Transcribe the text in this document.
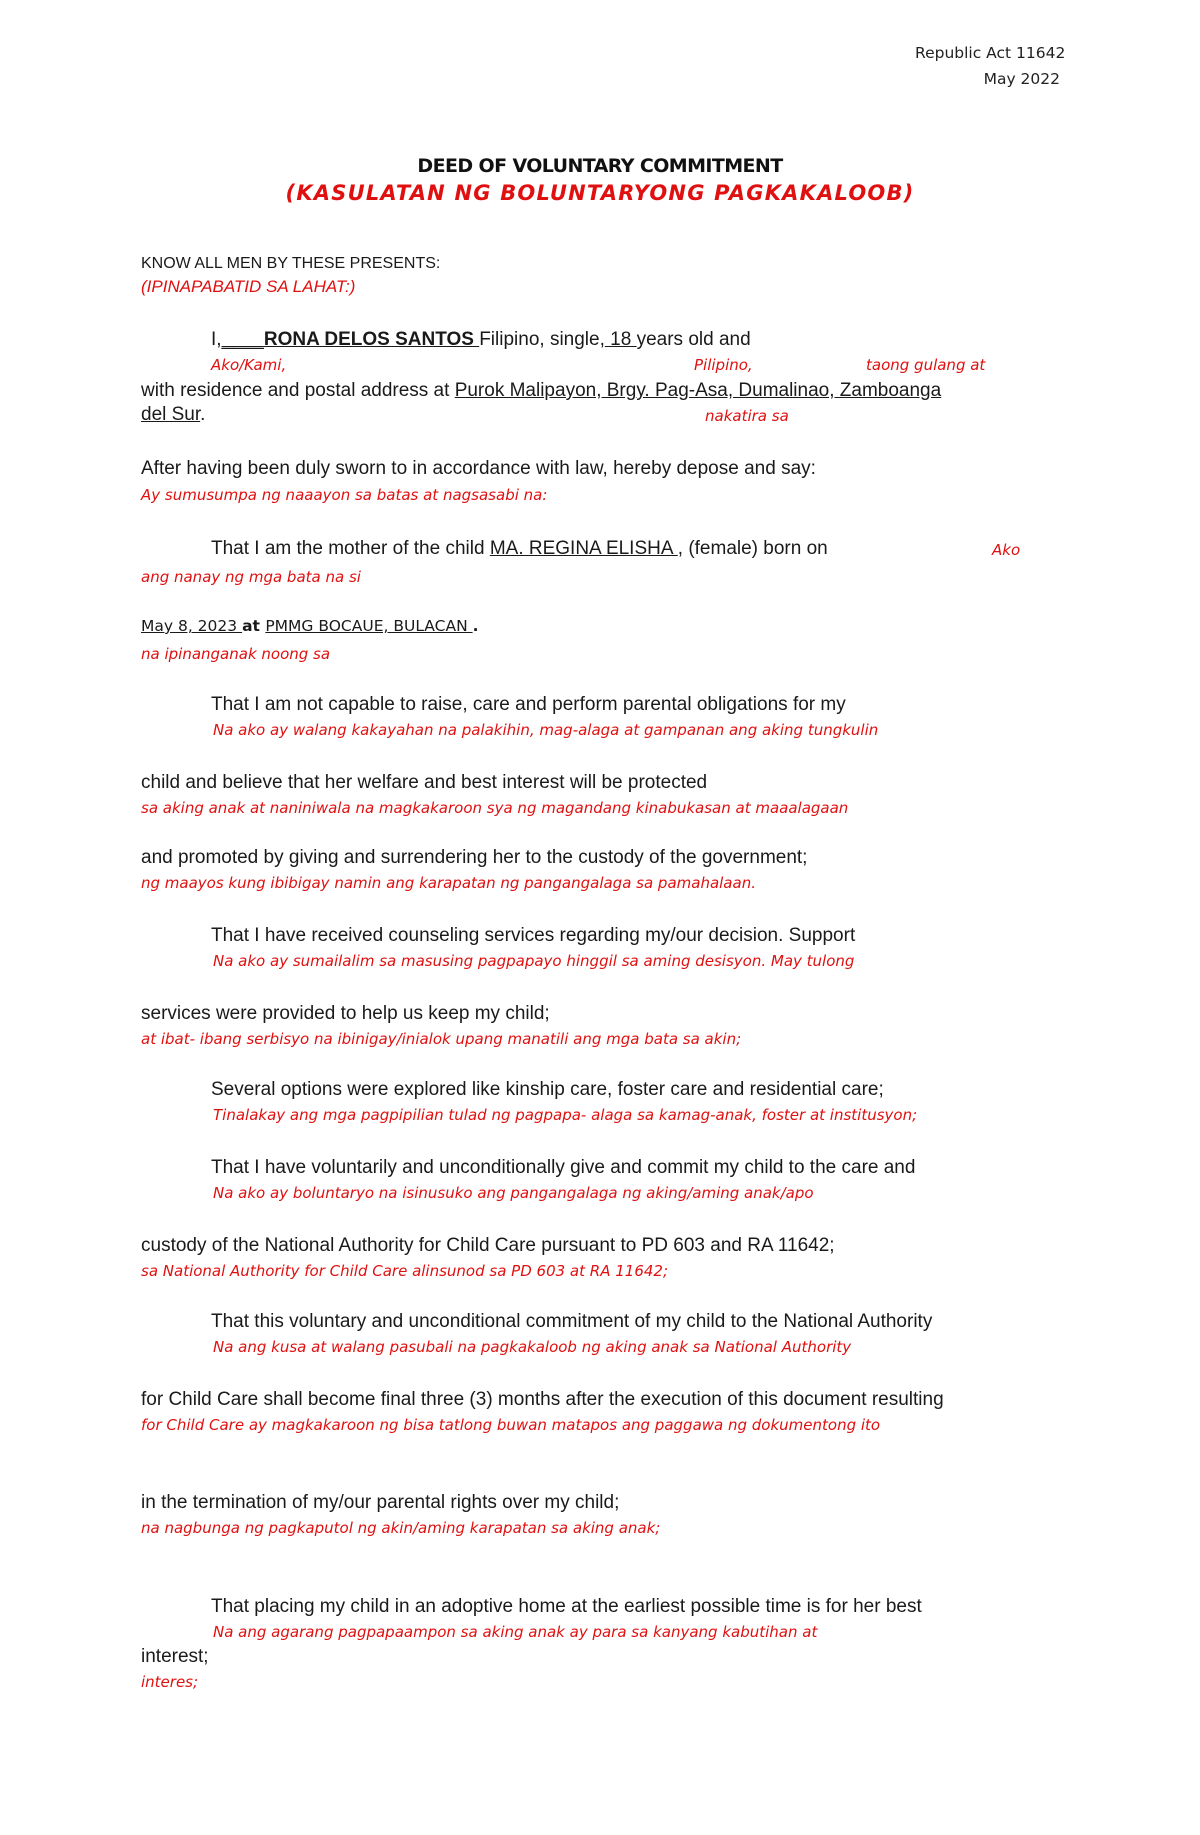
Republic Act 11642
May 2022
DEED OF VOLUNTARY COMMITMENT
(KASULATAN NG BOLUNTARYONG PAGKAKALOOB)
KNOW ALL MEN BY THESE PRESENTS:
(IPINAPABATID SA LAHAT:)
I,____RONA DELOS SANTOS Filipino, single, 18 years old and
Ako/Kami,	Pilipino,	taong gulang at
with residence and postal address at Purok Malipayon, Brgy. Pag-Asa, Dumalinao, Zamboanga
del Sur.	nakatira sa
After having been duly sworn to in accordance with law, hereby depose and say:
Ay sumusumpa ng naaayon sa batas at nagsasabi na:
That I am the mother of the child MA. REGINA ELISHA , (female) born on	Ako
ang nanay ng mga bata na si
May 8, 2023 at PMMG BOCAUE, BULACAN .
na ipinanganak noong sa
That I am not capable to raise, care and perform parental obligations for my
Na ako ay walang kakayahan na palakihin, mag-alaga at gampanan ang aking tungkulin
child and believe that her welfare and best interest will be protected
sa aking anak at naniniwala na magkakaroon sya ng magandang kinabukasan at maaalagaan
and promoted by giving and surrendering her to the custody of the government;
ng maayos kung ibibigay namin ang karapatan ng pangangalaga sa pamahalaan.
That I have received counseling services regarding my/our decision. Support
Na ako ay sumailalim sa masusing pagpapayo hinggil sa aming desisyon. May tulong
services were provided to help us keep my child;
at ibat- ibang serbisyo na ibinigay/inialok upang manatili ang mga bata sa akin;
Several options were explored like kinship care, foster care and residential care;
Tinalakay ang mga pagpipilian tulad ng pagpapa- alaga sa kamag-anak, foster at institusyon;
That I have voluntarily and unconditionally give and commit my child to the care and
Na ako ay boluntaryo na isinusuko ang pangangalaga ng aking/aming anak/apo
custody of the National Authority for Child Care pursuant to PD 603 and RA 11642;
sa National Authority for Child Care alinsunod sa PD 603 at RA 11642;
That this voluntary and unconditional commitment of my child to the National Authority
Na ang kusa at walang pasubali na pagkakaloob ng aking anak sa National Authority
for Child Care shall become final three (3) months after the execution of this document resulting
for Child Care ay magkakaroon ng bisa tatlong buwan matapos ang paggawa ng dokumentong ito
in the termination of my/our parental rights over my child;
na nagbunga ng pagkaputol ng akin/aming karapatan sa aking anak;
That placing my child in an adoptive home at the earliest possible time is for her best
Na ang agarang pagpapaampon sa aking anak ay para sa kanyang kabutihan at
interest;
interes;
